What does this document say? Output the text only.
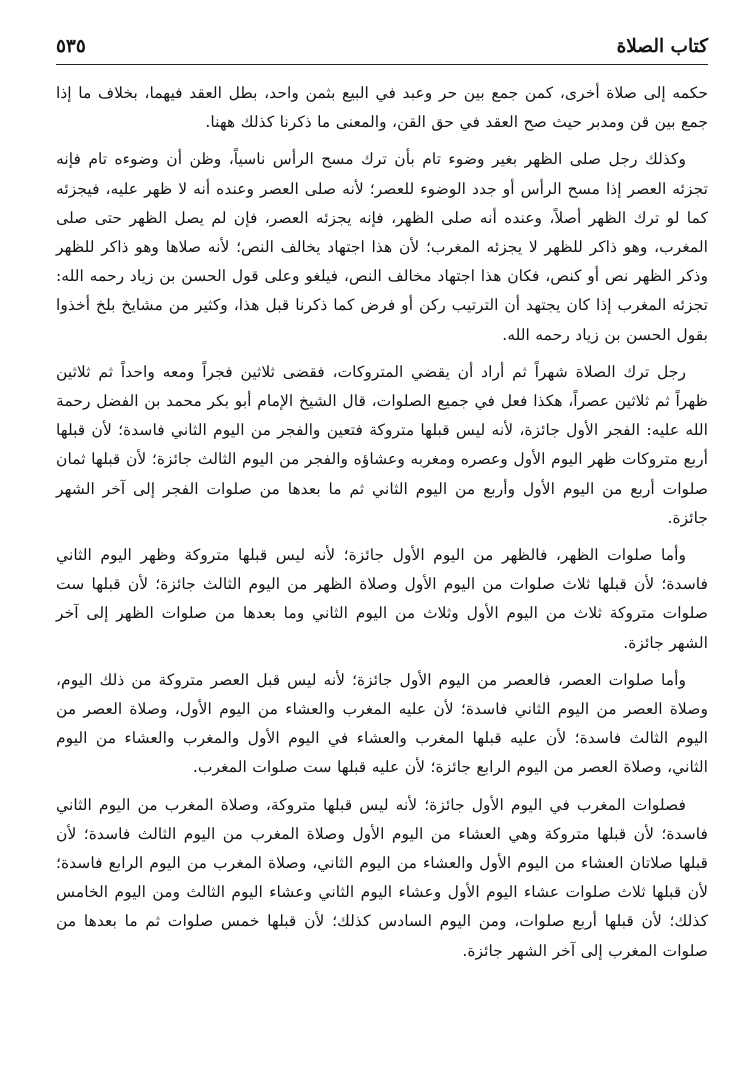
كتاب الصلاة
٥٣٥

حكمه إلى صلاة أخرى، كمن جمع بين حر وعبد في البيع بثمن واحد، بطل العقد فيهما، بخلاف ما إذا جمع بين قن ومدبر حيث صح العقد في حق القن، والمعنى ما ذكرنا كذلك ههنا.

وكذلك رجل صلى الظهر بغير وضوء تام بأن ترك مسح الرأس ناسياً، وظن أن وضوءه تام فإنه تجزئه العصر إذا مسح الرأس أو جدد الوضوء للعصر؛ لأنه صلى العصر وعنده أنه لا ظهر عليه، فيجزئه كما لو ترك الظهر أصلاً، وعنده أنه صلى الظهر، فإنه يجزئه العصر، فإن لم يصل الظهر حتى صلى المغرب، وهو ذاكر للظهر لا يجزئه المغرب؛ لأن هذا اجتهاد يخالف النص؛ لأنه صلاها وهو ذاكر للظهر وذكر الظهر نص أو كنص، فكان هذا اجتهاد مخالف النص، فيلغو وعلى قول الحسن بن زياد رحمه الله: تجزئه المغرب إذا كان يجتهد أن الترتيب ركن أو فرض كما ذكرنا قبل هذا، وكثير من مشايخ بلخ أخذوا بقول الحسن بن زياد رحمه الله.

رجل ترك الصلاة شهراً ثم أراد أن يقضي المتروكات، فقضى ثلاثين فجراً ومعه واحداً ثم ثلاثين ظهراً ثم ثلاثين عصراً، هكذا فعل في جميع الصلوات، قال الشيخ الإمام أبو بكر محمد بن الفضل رحمة الله عليه: الفجر الأول جائزة، لأنه ليس قبلها متروكة فتعين والفجر من اليوم الثاني فاسدة؛ لأن قبلها أربع متروكات ظهر اليوم الأول وعصره ومغربه وعشاؤه والفجر من اليوم الثالث جائزة؛ لأن قبلها ثمان صلوات أربع من اليوم الأول وأربع من اليوم الثاني ثم ما بعدها من صلوات الفجر إلى آخر الشهر جائزة.

وأما صلوات الظهر، فالظهر من اليوم الأول جائزة؛ لأنه ليس قبلها متروكة وظهر اليوم الثاني فاسدة؛ لأن قبلها ثلاث صلوات من اليوم الأول وصلاة الظهر من اليوم الثالث جائزة؛ لأن قبلها ست صلوات متروكة ثلاث من اليوم الأول وثلاث من اليوم الثاني وما بعدها من صلوات الظهر إلى آخر الشهر جائزة.

وأما صلوات العصر، فالعصر من اليوم الأول جائزة؛ لأنه ليس قبل العصر متروكة من ذلك اليوم، وصلاة العصر من اليوم الثاني فاسدة؛ لأن عليه المغرب والعشاء من اليوم الأول، وصلاة العصر من اليوم الثالث فاسدة؛ لأن عليه قبلها المغرب والعشاء في اليوم الأول والمغرب والعشاء من اليوم الثاني، وصلاة العصر من اليوم الرابع جائزة؛ لأن عليه قبلها ست صلوات المغرب.

فصلوات المغرب في اليوم الأول جائزة؛ لأنه ليس قبلها متروكة، وصلاة المغرب من اليوم الثاني فاسدة؛ لأن قبلها متروكة وهي العشاء من اليوم الأول وصلاة المغرب من اليوم الثالث فاسدة؛ لأن قبلها صلاتان العشاء من اليوم الأول والعشاء من اليوم الثاني، وصلاة المغرب من اليوم الرابع فاسدة؛ لأن قبلها ثلاث صلوات عشاء اليوم الأول وعشاء اليوم الثاني وعشاء اليوم الثالث ومن اليوم الخامس كذلك؛ لأن قبلها أربع صلوات، ومن اليوم السادس كذلك؛ لأن قبلها خمس صلوات ثم ما بعدها من صلوات المغرب إلى آخر الشهر جائزة.
